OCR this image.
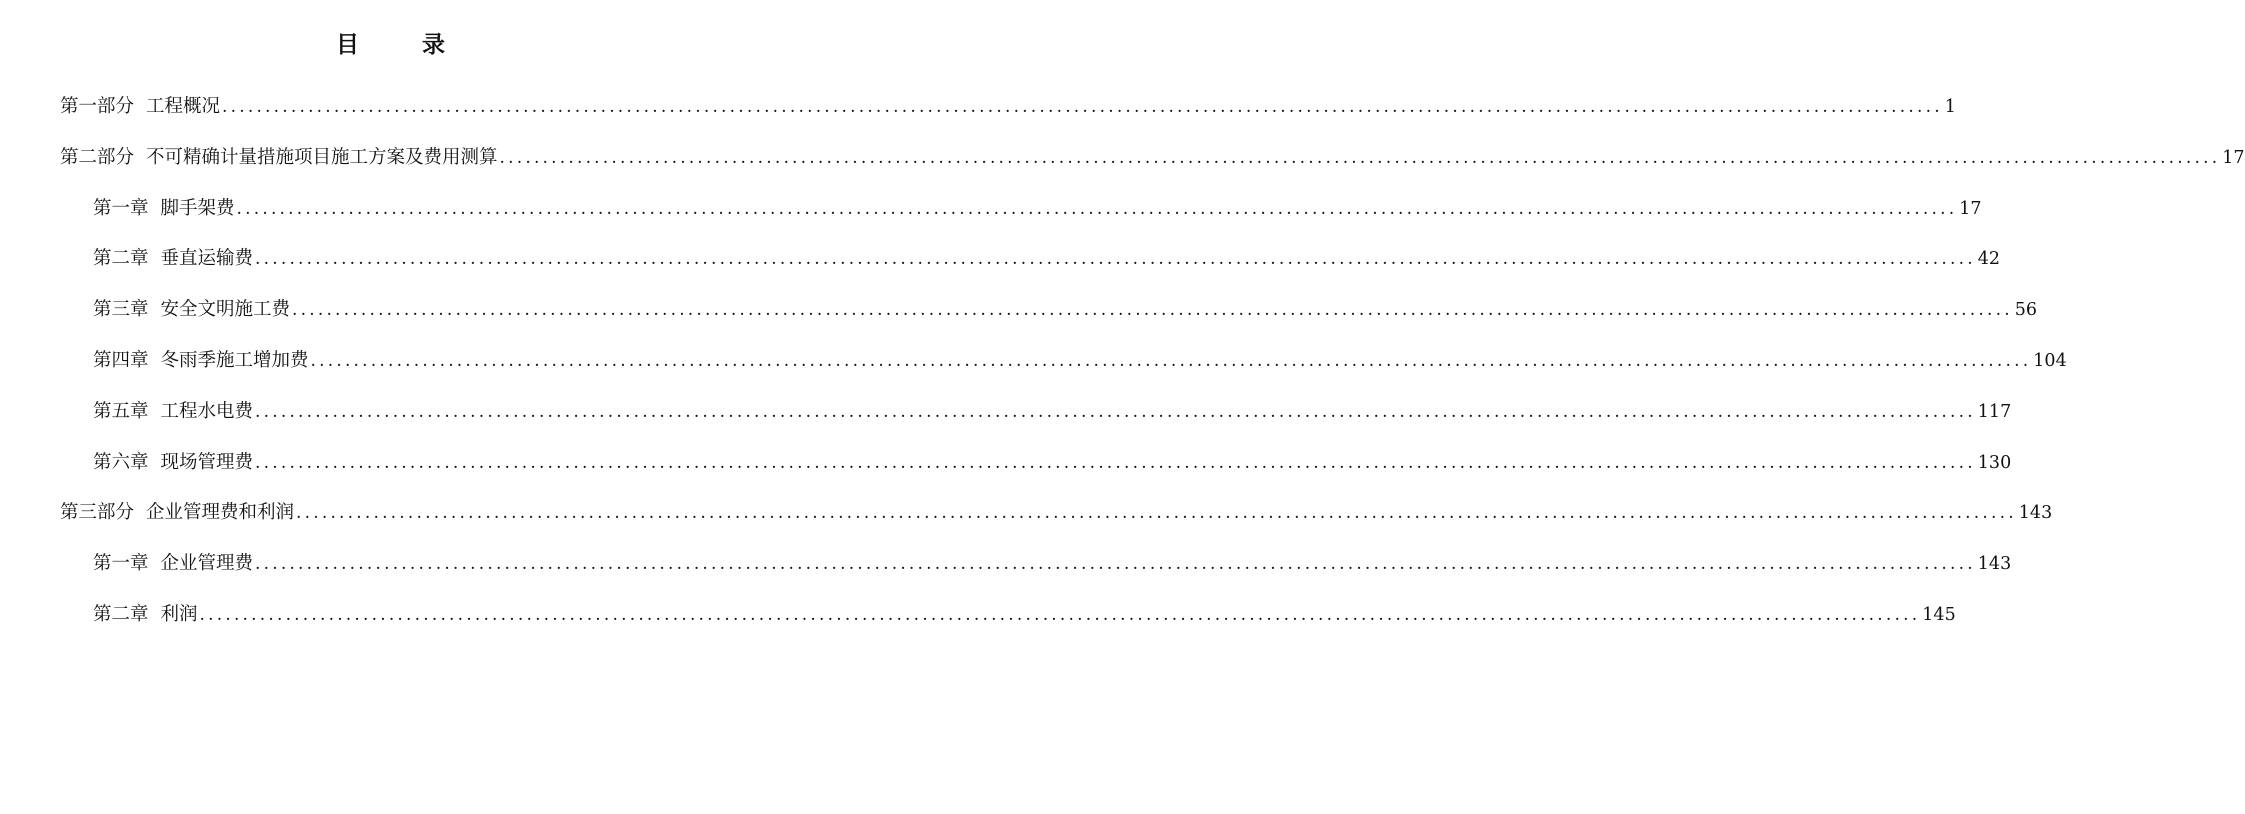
目　录
第一部分 工程概况 ........................................................................................................................................................................................................ 1
第二部分 不可精确计量措施项目施工方案及费用测算 ........................................................................................................................................................................................................ 17
第一章 脚手架费 ........................................................................................................................................................................................................ 17
第二章 垂直运输费 ........................................................................................................................................................................................................ 42
第三章 安全文明施工费 ........................................................................................................................................................................................................ 56
第四章 冬雨季施工增加费 ........................................................................................................................................................................................................ 104
第五章 工程水电费 ........................................................................................................................................................................................................ 117
第六章 现场管理费 ........................................................................................................................................................................................................ 130
第三部分 企业管理费和利润 ........................................................................................................................................................................................................ 143
第一章 企业管理费 ........................................................................................................................................................................................................ 143
第二章 利润 ........................................................................................................................................................................................................ 145
